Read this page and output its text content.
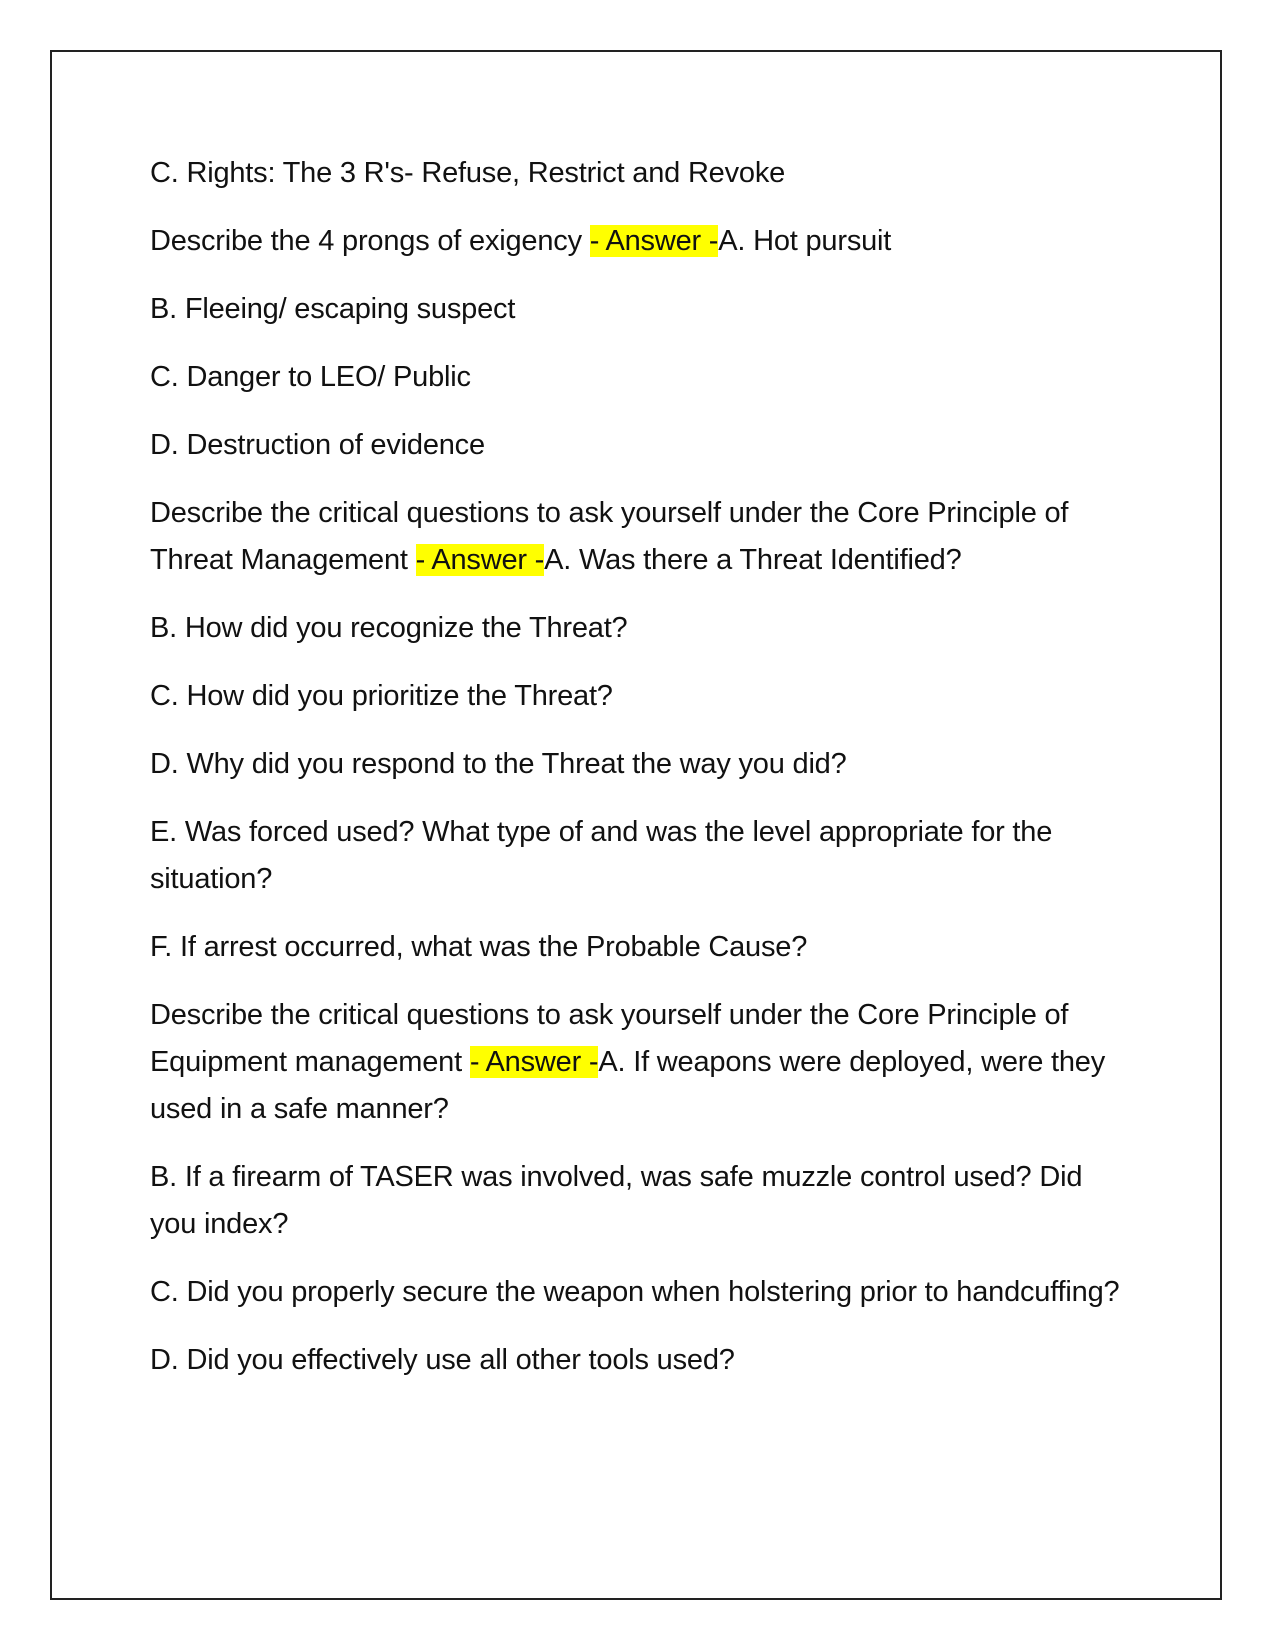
C. Rights: The 3 R's- Refuse, Restrict and Revoke

Describe the 4 prongs of exigency - Answer -A. Hot pursuit

B. Fleeing/ escaping suspect

C. Danger to LEO/ Public

D. Destruction of evidence

Describe the critical questions to ask yourself under the Core Principle of Threat Management - Answer -A. Was there a Threat Identified?

B. How did you recognize the Threat?

C. How did you prioritize the Threat?

D. Why did you respond to the Threat the way you did?

E. Was forced used? What type of and was the level appropriate for the situation?

F. If arrest occurred, what was the Probable Cause?

Describe the critical questions to ask yourself under the Core Principle of Equipment management - Answer -A. If weapons were deployed, were they used in a safe manner?

B. If a firearm of TASER was involved, was safe muzzle control used? Did you index?

C. Did you properly secure the weapon when holstering prior to handcuffing?

D. Did you effectively use all other tools used?
